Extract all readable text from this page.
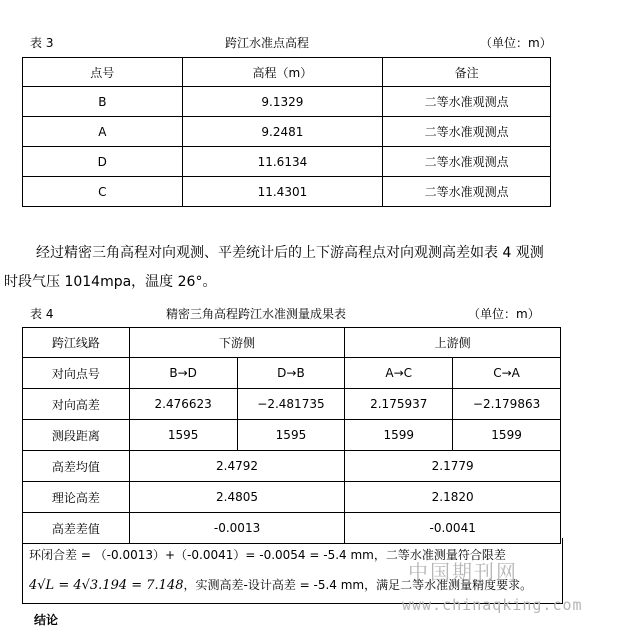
表 3	跨江水准点高程	（单位：m）
点号	高程（m）	备注
B	9.1329	二等水准观测点
A	9.2481	二等水准观测点
D	11.6134	二等水准观测点
C	11.4301	二等水准观测点
经过精密三角高程对向观测、平差统计后的上下游高程点对向观测高差如表 4 观测
时段气压 1014mpa，温度 26°。
表 4	精密三角高程跨江水准测量成果表	（单位：m）
跨江线路	下游侧		上游侧	
对向点号	B→D	D→B	A→C	C→A
对向高差	2.476623	−2.481735	2.175937	−2.179863
测段距离	1595	1595	1599	1599
高差均值	2.4792		2.1779	
理论高差	2.4805		2.1820	
高差差值	-0.0013		-0.0041	
环闭合差 = （-0.0013）+（-0.0041）= -0.0054 = -5.4 mm，二等水准测量符合限差
4√L = 4√3.194 = 7.148，实测高差-设计高差 = -5.4 mm，满足二等水准测量精度要求。
中国期刊网
www.chinaqking.com
结论
